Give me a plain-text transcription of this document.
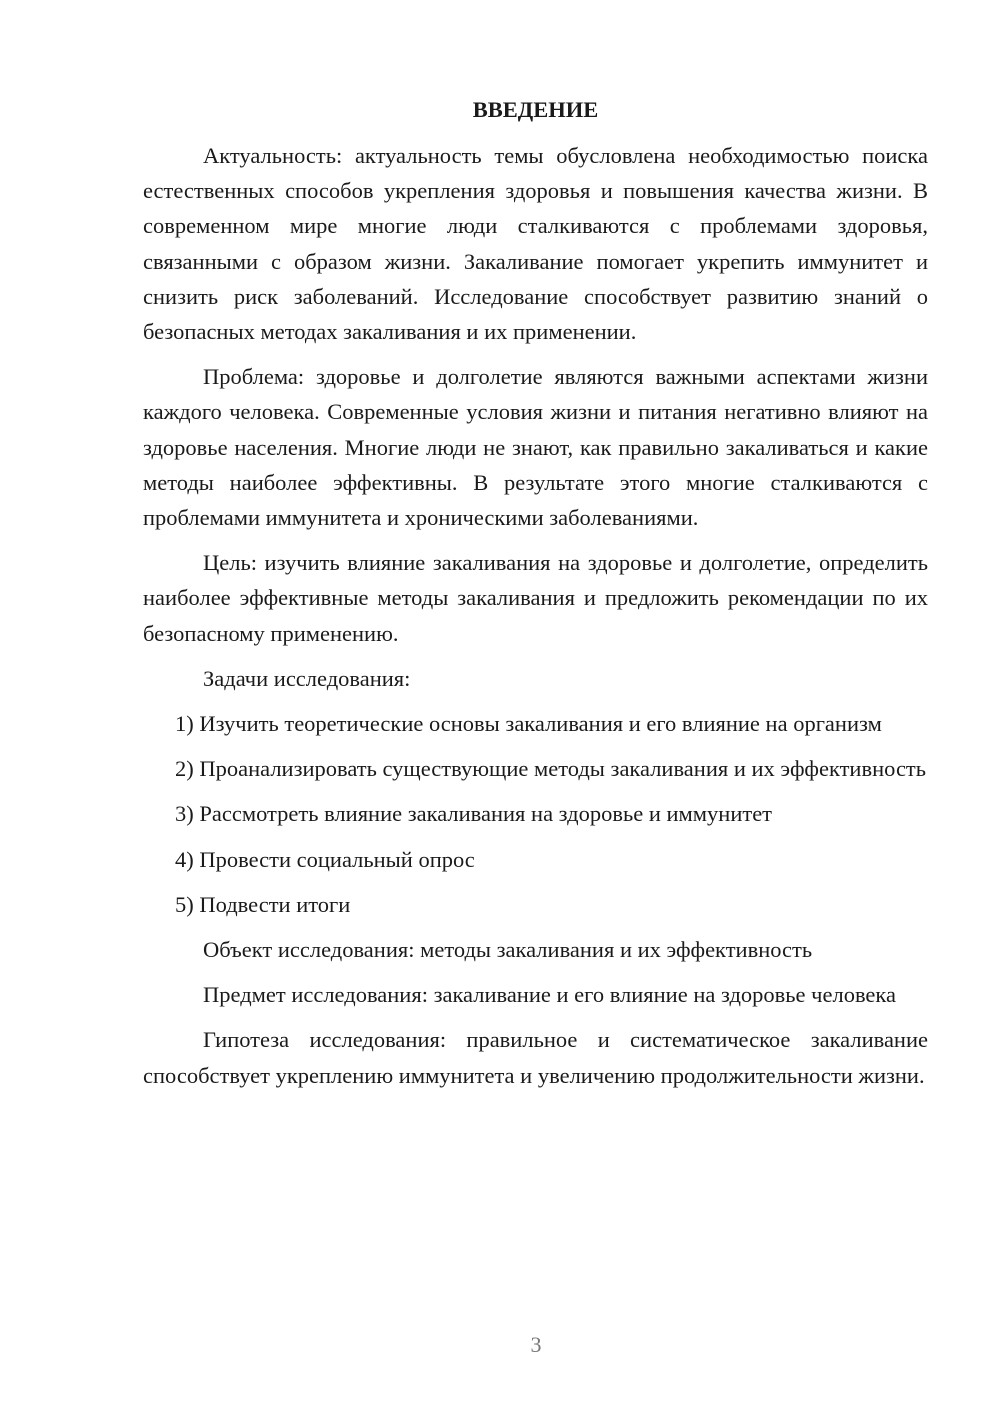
ВВЕДЕНИЕ

Актуальность: актуальность темы обусловлена необходимостью поиска естественных способов укрепления здоровья и повышения качества жизни. В современном мире многие люди сталкиваются с проблемами здоровья, связанными с образом жизни. Закаливание помогает укрепить иммунитет и снизить риск заболеваний. Исследование способствует развитию знаний о безопасных методах закаливания и их применении.

Проблема: здоровье и долголетие являются важными аспектами жизни каждого человека. Современные условия жизни и питания негативно влияют на здоровье населения. Многие люди не знают, как правильно закаливаться и какие методы наиболее эффективны. В результате этого многие сталкиваются с проблемами иммунитета и хроническими заболеваниями.

Цель: изучить влияние закаливания на здоровье и долголетие, определить наиболее эффективные методы закаливания и предложить рекомендации по их безопасному применению.

Задачи исследования:

1) Изучить теоретические основы закаливания и его влияние на организм

2) Проанализировать существующие методы закаливания и их эффективность

3) Рассмотреть влияние закаливания на здоровье и иммунитет

4) Провести социальный опрос

5) Подвести итоги

Объект исследования: методы закаливания и их эффективность

Предмет исследования: закаливание и его влияние на здоровье человека

Гипотеза исследования: правильное и систематическое закаливание способствует укреплению иммунитета и увеличению продолжительности жизни.

3
